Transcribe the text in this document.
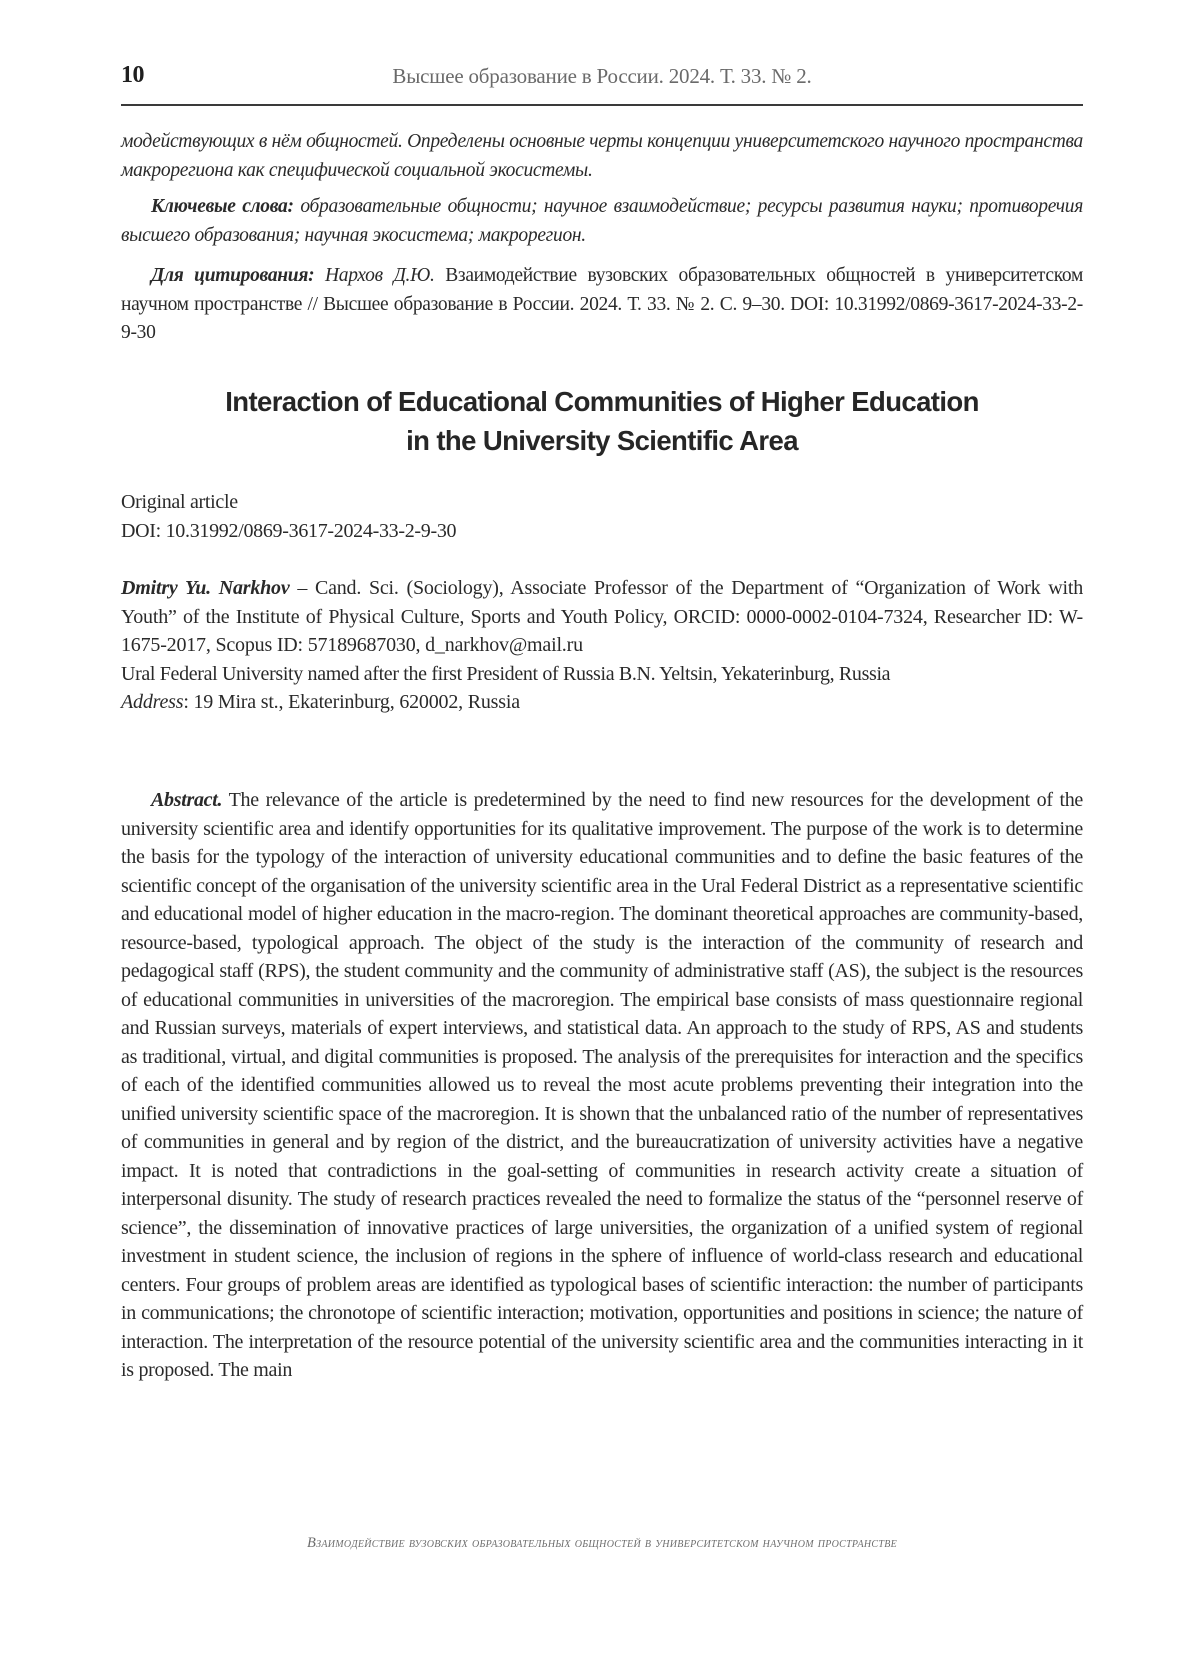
10	Высшее образование в России. 2024. Т. 33. № 2.

модействующих в нём общностей. Определены основные черты концепции университетского научного пространства макрорегиона как специфической социальной экосистемы.

Ключевые слова: образовательные общности; научное взаимодействие; ресурсы развития науки; противоречия высшего образования; научная экосистема; макрорегион.

Для цитирования: Нархов Д.Ю. Взаимодействие вузовских образовательных общностей в университетском научном пространстве // Высшее образование в России. 2024. Т. 33. № 2. С. 9–30. DOI: 10.31992/0869-3617-2024-33-2-9-30

Interaction of Educational Communities of Higher Education
in the University Scientific Area
Original article
DOI: 10.31992/0869-3617-2024-33-2-9-30
Dmitry Yu. Narkhov – Cand. Sci. (Sociology), Associate Professor of the Department of “Organization of Work with Youth” of the Institute of Physical Culture, Sports and Youth Policy, ORCID: 0000-0002-0104-7324, Researcher ID: W-1675-2017, Scopus ID: 57189687030, d_narkhov@mail.ru
Ural Federal University named after the first President of Russia B.N. Yeltsin, Yekaterinburg, Russia
Address: 19 Mira st., Ekaterinburg, 620002, Russia

Abstract. The relevance of the article is predetermined by the need to find new resources for the development of the university scientific area and identify opportunities for its qualitative improvement. The purpose of the work is to determine the basis for the typology of the interaction of university educational communities and to define the basic features of the scientific concept of the organisation of the university scientific area in the Ural Federal District as a representative scientific and educational model of higher education in the macro-region. The dominant theoretical approaches are community-based, resource-based, typological approach. The object of the study is the interaction of the community of research and pedagogical staff (RPS), the student community and the community of administrative staff (AS), the subject is the resources of educational communities in universities of the macroregion. The empirical base consists of mass questionnaire regional and Russian surveys, materials of expert interviews, and statistical data. An approach to the study of RPS, AS and students as traditional, virtual, and digital communities is proposed. The analysis of the prerequisites for interaction and the specifics of each of the identified communities allowed us to reveal the most acute problems preventing their integration into the unified university scientific space of the macroregion. It is shown that the unbalanced ratio of the number of representatives of communities in general and by region of the district, and the bureaucratization of university activities have a negative impact. It is noted that contradictions in the goal-setting of communities in research activity create a situation of interpersonal disunity. The study of research practices revealed the need to formalize the status of the “personnel reserve of science”, the dissemination of innovative practices of large universities, the organization of a unified system of regional investment in student science, the inclusion of regions in the sphere of influence of world-class research and educational centers. Four groups of problem areas are identified as typological bases of scientific interaction: the number of participants in communications; the chronotope of scientific interaction; motivation, opportunities and positions in science; the nature of interaction. The interpretation of the resource potential of the university scientific area and the communities interacting in it is proposed. The main

Взаимодействие вузовских образовательных общностей в университетском научном пространстве
